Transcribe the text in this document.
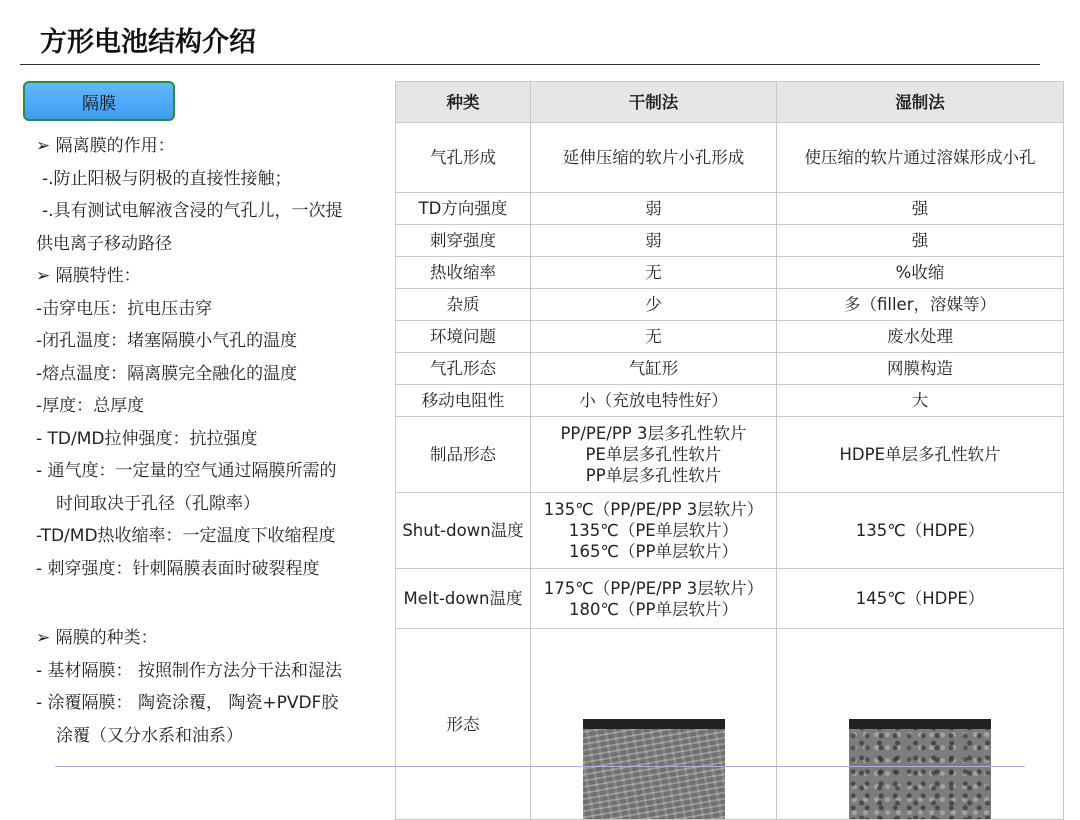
方形电池结构介绍
隔膜
➢ 隔离膜的作用：
-.防止阳极与阴极的直接性接触；
-.具有测试电解液含浸的气孔儿，一次提
供电离子移动路径
➢ 隔膜特性：
-击穿电压：抗电压击穿
-闭孔温度：堵塞隔膜小气孔的温度
-熔点温度：隔离膜完全融化的温度
-厚度：总厚度
- TD/MD拉伸强度：抗拉强度
- 通气度：一定量的空气通过隔膜所需的
时间取决于孔径（孔隙率）
-TD/MD热收缩率：一定温度下收缩程度
- 刺穿强度：针刺隔膜表面时破裂程度
➢ 隔膜的种类：
- 基材隔膜： 按照制作方法分干法和湿法
- 涂覆隔膜： 陶瓷涂覆， 陶瓷+PVDF胶
涂覆（又分水系和油系）
种类	干制法	湿制法
气孔形成	延伸压缩的软片小孔形成	使压缩的软片通过溶媒形成小孔

TD方向强度	弱	强

刺穿强度	弱	强

热收缩率	无	%收缩

杂质	少	多（filler，溶媒等）

环境问题	无	废水处理

气孔形态	气缸形	网膜构造

移动电阻性	小（充放电特性好）	大

制品形态	PP/PE/PP 3层多孔性软片
PE单层多孔性软片
PP单层多孔性软片	HDPE单层多孔性软片

Shut-down温度	135℃（PP/PE/PP 3层软片）
135℃（PE单层软片）
165℃（PP单层软片）	135℃（HDPE）

Melt-down温度	175℃（PP/PE/PP 3层软片）
180℃（PP单层软片）	145℃（HDPE）

形态	
